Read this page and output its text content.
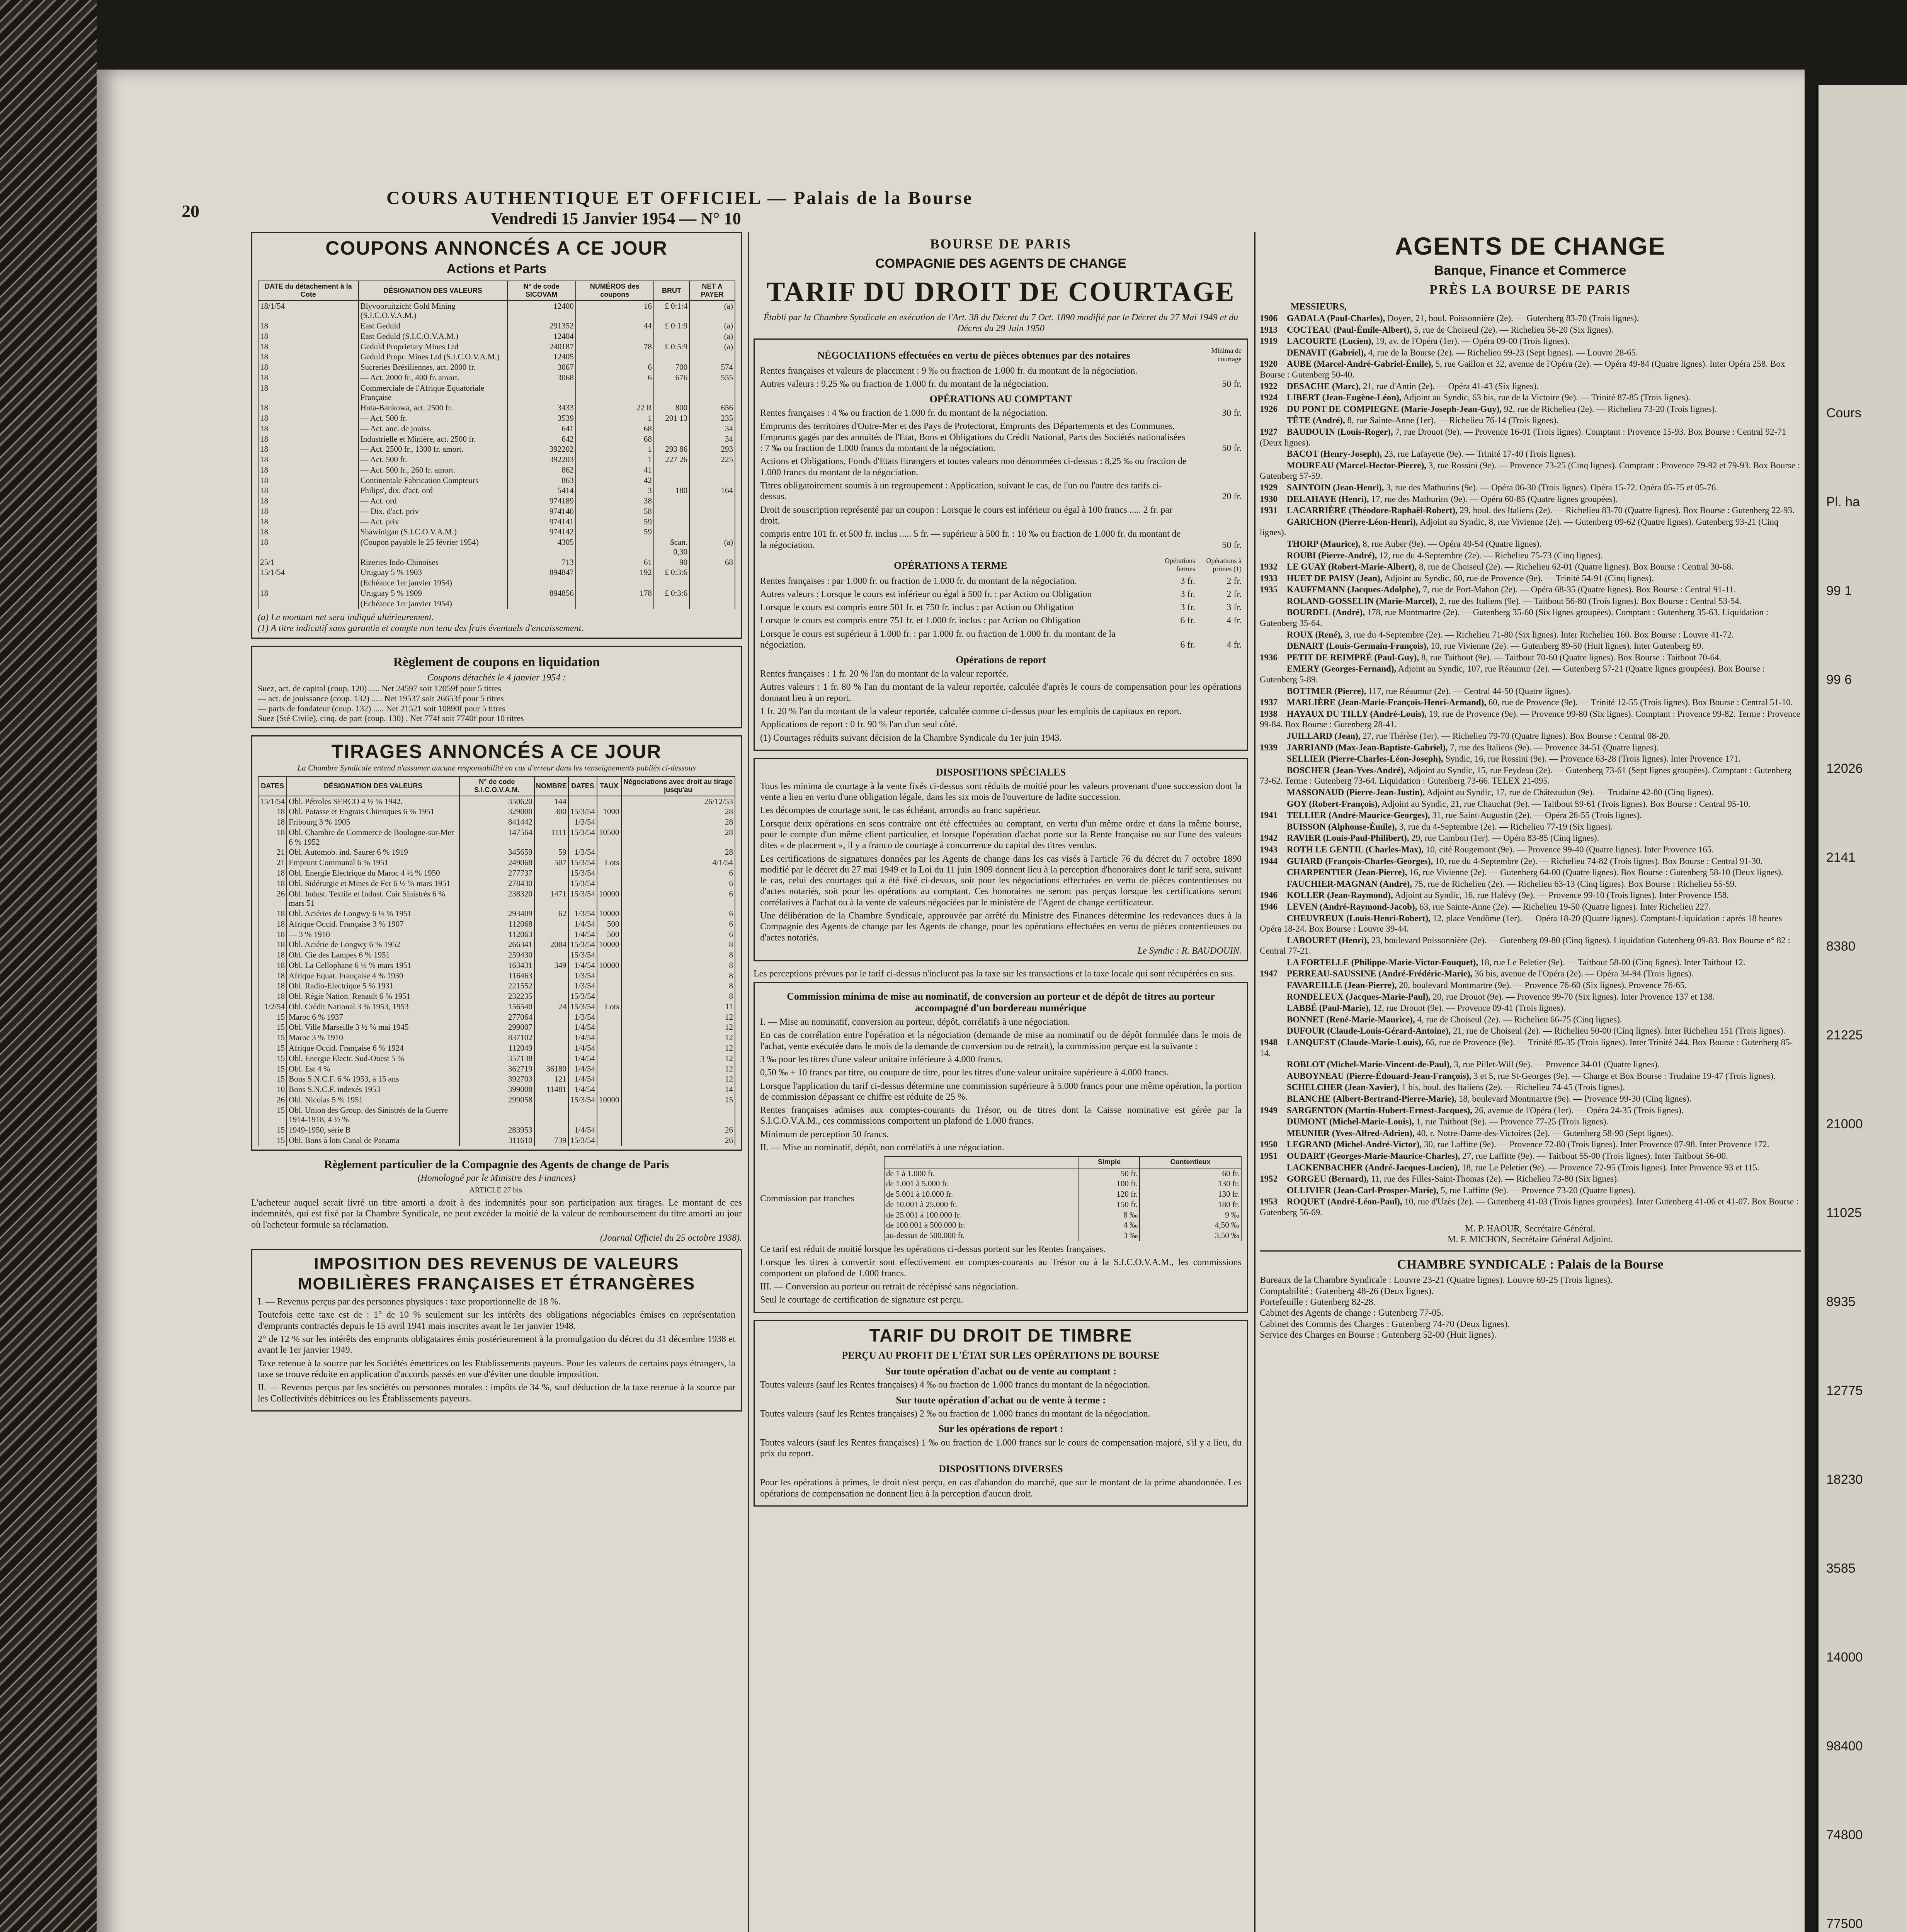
Cours
Pl. ha
99 1
99 6
12026
2141
8380
21225
21000
11025
8935
12775
18230
3585
14000
98400
74800
77500
20
COURS AUTHENTIQUE ET OFFICIEL — Palais de la Bourse
Vendredi 15 Janvier 1954 — N° 10
COUPONS ANNONCÉS A CE JOUR
Actions et Parts
DATE du détachement à la Cote	DÉSIGNATION DES VALEURS	N° de code SICOVAM	NUMÉROS des coupons	BRUT	NET A PAYER
18/1/54	Blyvooruitzicht Gold Mining (S.I.C.O.V.A.M.)	12400	16	£ 0:1:4	(a)
18	East Geduld	291352	44	£ 0:1:9	(a)
18	East Geduld (S.I.C.O.V.A.M.)	12404			(a)
18	Geduld Proprietary Mines Ltd	240187	78	£ 0:5:9	(a)
18	Geduld Propr. Mines Ltd (S.I.C.O.V.A.M.)	12405			
18	Sucreries Brésiliennes, act. 2000 fr.	3067	6	700	574
18	— Act. 2000 fr., 400 fr. amort.	3068	6	676	555
18	Commerciale de l'Afrique Equatoriale Française				
18	Huta-Bankowa, act. 2500 fr.	3433	22 R	800	656
18	— Act. 500 fr.	3539	1	201 13	235
18	— Act. anc. de jouiss.	641	68		34
18	Industrielle et Minière, act. 2500 fr.	642	68		34
18	— Act. 2500 fr., 1300 fr. amort.	392202	1	293 86	293
18	— Act. 500 fr.	392203	1	227 26	225
18	— Act. 500 fr., 260 fr. amort.	862	41		
18	Continentale Fabrication Compteurs	863	42		
18	Philips', dix. d'act. ord	5414	3	180	164
18	— Act. ord	974189	38		
18	— Dix. d'act. priv	974140	58		
18	— Act. priv	974141	59		
18	Shawinigan (S.I.C.O.V.A.M.)	974142	59		
18	(Coupon payable le 25 février 1954)	4305		$can. 0,30	(a)
25/1	Rizeries Indo-Chinoises	713	61	90	68
15/1/54	Uruguay 5 % 1903	894847	192	£ 0:3:6	
	(Echéance 1er janvier 1954)				
18	Uruguay 5 % 1909	894856	178	£ 0:3:6	
	(Echéance 1er janvier 1954)				
(a) Le montant net sera indiqué ultérieurement.
(1) A titre indicatif sans garantie et compte non tenu des frais éventuels d'encaissement.
Règlement de coupons en liquidation
Coupons détachés le 4 janvier 1954 :
Suez, act. de capital (coup. 120) ..... Net 24597 soit 12059f pour 5 titres
— act. de jouissance (coup. 132) ..... Net 19537 soit 26653f pour 5 titres
— parts de fondateur (coup. 132) ..... Net 21521 soit 10890f pour 5 titres
Suez (Sté Civile), cinq. de part (coup. 130) . Net 774f soit 7740f pour 10 titres
TIRAGES ANNONCÉS A CE JOUR
La Chambre Syndicale entend n'assumer aucune responsabilité en cas d'erreur dans les renseignements publiés ci-dessous
DATES	DÉSIGNATION DES VALEURS	N° de code S.I.C.O.V.A.M.	NOMBRE	DATES	TAUX	Négociations avec droit au tirage jusqu'au
15/1/54	Obl. Pétroles SERCO 4 ½ % 1942.	350620	144			26/12/53
18	Obl. Potasse et Engrais Chimiques 6 % 1951	329000	300	15/3/54	1000	28
18	Fribourg 3 % 1905	841442		1/3/54		28
18	Obl. Chambre de Commerce de Boulogne-sur-Mer 6 % 1952	147564	1111	15/3/54	10500	28
21	Obl. Automob. ind. Saurer 6 % 1919	345659	59	1/3/54		28
21	Emprunt Communal 6 % 1951	249068	507	15/3/54	Lots	4/1/54
18	Obl. Energie Electrique du Maroc 4 ½ % 1950	277737		15/3/54		6
18	Obl. Sidérurgie et Mines de Fer 6 ½ % mars 1951	278430		15/3/54		6
26	Obl. Indust. Textile et Indust. Cuir Sinistrés 6 % mars 51	238320	1471	15/3/54	10000	6
18	Obl. Aciéries de Longwy 6 ½ % 1951	293409	62	1/3/54	10000	6
18	Afrique Occid. Française 3 % 1907	112068		1/4/54	500	6
18	— 3 % 1910	112063		1/4/54	500	6
18	Obl. Aciérie de Longwy 6 % 1952	266341	2084	15/3/54	10000	8
18	Obl. Cie des Lampes 6 % 1951	259430		15/3/54		8
18	Obl. La Cellophane 6 ½ % mars 1951	163431	349	1/4/54	10000	8
18	Afrique Equat. Française 4 % 1930	116463		1/3/54		8
18	Obl. Radio-Electrique 5 % 1931	221552		1/3/54		8
18	Obl. Régie Nation. Renault 6 % 1951	232235		15/3/54		8
1/2/54	Obl. Crédit National 3 % 1953, 1953	156540	24	15/3/54	Lots	11
15	Maroc 6 % 1937	277064		1/3/54		12
15	Obl. Ville Marseille 3 ½ % mai 1945	299007		1/4/54		12
15	Maroc 3 % 1910	837102		1/4/54		12
15	Afrique Occid. Française 6 % 1924	112049		1/4/54		12
15	Obl. Energie Electr. Sud-Ouest 5 %	357138		1/4/54		12
15	Obl. Est 4 %	362719	36180	1/4/54		12
15	Bons S.N.C.F. 6 % 1953, à 15 ans	392703	121	1/4/54		12
10	Bons S.N.C.F. indexés 1953	399008	11481	1/4/54		14
26	Obl. Nicolas 5 % 1951	299058		15/3/54	10000	15
15	Obl. Union des Group. des Sinistrés de la Guerre 1914-1918, 4 ½ %					
15	1949-1950, série B	283953		1/4/54		26
15	Obl. Bons à lots Canal de Panama	311610	739	15/3/54		26
Règlement particulier de la Compagnie des Agents de change de Paris
(Homologué par le Ministre des Finances)
ARTICLE 27 bis.

L'acheteur auquel serait livré un titre amorti a droit à des indemnités pour son participation aux tirages. Le montant de ces indemnités, qui est fixé par la Chambre Syndicale, ne peut excéder la moitié de la valeur de remboursement du titre amorti au jour où l'acheteur formule sa réclamation.

(Journal Officiel du 25 octobre 1938).
IMPOSITION DES REVENUS DE VALEURS MOBILIÈRES FRANÇAISES ET ÉTRANGÈRES

I. — Revenus perçus par des personnes physiques : taxe proportionnelle de 18 %.

Toutefois cette taxe est de : 1° de 10 % seulement sur les intérêts des obligations négociables émises en représentation d'emprunts contractés depuis le 15 avril 1941 mais inscrites avant le 1er janvier 1948.

2° de 12 % sur les intérêts des emprunts obligataires émis postérieurement à la promulgation du décret du 31 décembre 1938 et avant le 1er janvier 1949.

Taxe retenue à la source par les Sociétés émettrices ou les Etablissements payeurs. Pour les valeurs de certains pays étrangers, la taxe se trouve réduite en application d'accords passés en vue d'éviter une double imposition.

II. — Revenus perçus par les sociétés ou personnes morales : impôts de 34 %, sauf déduction de la taxe retenue à la source par les Collectivités débitrices ou les Établissements payeurs.

BOURSE DE PARIS
COMPAGNIE DES AGENTS DE CHANGE
TARIF DU DROIT DE COURTAGE
Établi par la Chambre Syndicale en exécution de l'Art. 38 du Décret du 7 Oct. 1890 modifié par le Décret du 27 Mai 1949 et du Décret du 29 Juin 1950
NÉGOCIATIONS effectuées en vertu de pièces obtenues par des notaires	Minima de courtage
Rentes françaises et valeurs de placement : 9 ‰ ou fraction de 1.000 fr. du montant de la négociation.
Autres valeurs : 9,25 ‰ ou fraction de 1.000 fr. du montant de la négociation.	50 fr.
OPÉRATIONS AU COMPTANT
Rentes françaises : 4 ‰ ou fraction de 1.000 fr. du montant de la négociation.	30 fr.
Emprunts des territoires d'Outre-Mer et des Pays de Protectorat, Emprunts des Départements et des Communes, Emprunts gagés par des annuités de l'Etat, Bons et Obligations du Crédit National, Parts des Sociétés nationalisées : 7 ‰ ou fraction de 1.000 francs du montant de la négociation.	50 fr.
Actions et Obligations, Fonds d'Etats Etrangers et toutes valeurs non dénommées ci-dessus : 8,25 ‰ ou fraction de 1.000 francs du montant de la négociation.
Titres obligatoirement soumis à un regroupement : Application, suivant le cas, de l'un ou l'autre des tarifs ci-dessus.	20 fr.
Droit de souscription représenté par un coupon : Lorsque le cours est inférieur ou égal à 100 francs ..... 2 fr. par droit.
compris entre 101 fr. et 500 fr. inclus ..... 5 fr. — supérieur à 500 fr. : 10 ‰ ou fraction de 1.000 fr. du montant de la négociation.	50 fr.
OPÉRATIONS A TERME	Opérations fermes
Opérations à primes (1)
Rentes françaises : par 1.000 fr. ou fraction de 1.000 fr. du montant de la négociation.	3 fr.	2 fr.
Autres valeurs : Lorsque le cours est inférieur ou égal à 500 fr. : par Action ou Obligation	3 fr.	2 fr.
Lorsque le cours est compris entre 501 fr. et 750 fr. inclus : par Action ou Obligation	3 fr.	3 fr.
Lorsque le cours est compris entre 751 fr. et 1.000 fr. inclus : par Action ou Obligation	6 fr.	4 fr.
Lorsque le cours est supérieur à 1.000 fr. : par 1.000 fr. ou fraction de 1.000 fr. du montant de la négociation.	6 fr.	4 fr.
Opérations de report

Rentes françaises : 1 fr. 20 % l'an du montant de la valeur reportée.

Autres valeurs : 1 fr. 80 % l'an du montant de la valeur reportée, calculée d'après le cours de compensation pour les opérations donnant lieu à un report.

1 fr. 20 % l'an du montant de la valeur reportée, calculée comme ci-dessus pour les emplois de capitaux en report.

Applications de report : 0 fr. 90 % l'an d'un seul côté.

(1) Courtages réduits suivant décision de la Chambre Syndicale du 1er juin 1943.

DISPOSITIONS SPÉCIALES

Tous les minima de courtage à la vente fixés ci-dessus sont réduits de moitié pour les valeurs provenant d'une succession dont la vente a lieu en vertu d'une obligation légale, dans les six mois de l'ouverture de ladite succession.

Les décomptes de courtage sont, le cas échéant, arrondis au franc supérieur.

Lorsque deux opérations en sens contraire ont été effectuées au comptant, en vertu d'un même ordre et dans la même bourse, pour le compte d'un même client particulier, et lorsque l'opération d'achat porte sur la Rente française ou sur l'une des valeurs dites « de placement », il y a franco de courtage à concurrence du capital des titres vendus.

Les certifications de signatures données par les Agents de change dans les cas visés à l'article 76 du décret du 7 octobre 1890 modifié par le décret du 27 mai 1949 et la Loi du 11 juin 1909 donnent lieu à la perception d'honoraires dont le tarif sera, suivant le cas, celui des courtages qui a été fixé ci-dessus, soit pour les négociations effectuées en vertu de pièces contentieuses ou d'actes notariés, soit pour les opérations au comptant. Ces honoraires ne seront pas perçus lorsque les certifications seront corrélatives à l'achat ou à la vente de valeurs négociées par le ministère de l'Agent de change certificateur.

Une délibération de la Chambre Syndicale, approuvée par arrêté du Ministre des Finances détermine les redevances dues à la Compagnie des Agents de change par les Agents de change, pour les opérations effectuées en vertu de pièces contentieuses ou d'actes notariés.

Le Syndic : R. BAUDOUIN.

Les perceptions prévues par le tarif ci-dessus n'incluent pas la taxe sur les transactions et la taxe locale qui sont récupérées en sus.

Commission minima de mise au nominatif, de conversion au porteur et de dépôt de titres au porteur accompagné d'un bordereau numérique

I. — Mise au nominatif, conversion au porteur, dépôt, corrélatifs à une négociation.

En cas de corrélation entre l'opération et la négociation (demande de mise au nominatif ou de dépôt formulée dans le mois de l'achat, vente exécutée dans le mois de la demande de conversion ou de retrait), la commission perçue est la suivante :

3 ‰ pour les titres d'une valeur unitaire inférieure à 4.000 francs.

0,50 ‰ + 10 francs par titre, ou coupure de titre, pour les titres d'une valeur unitaire supérieure à 4.000 francs.

Lorsque l'application du tarif ci-dessus détermine une commission supérieure à 5.000 francs pour une même opération, la portion de commission dépassant ce chiffre est réduite de 25 %.

Rentes françaises admises aux comptes-courants du Trésor, ou de titres dont la Caisse nominative est gérée par la S.I.C.O.V.A.M., ces commissions comportent un plafond de 1.000 francs.

Minimum de perception 50 francs.

II. — Mise au nominatif, dépôt, non corrélatifs à une négociation.

Commission par tranches
	Simple	Contentieux
de 1 à 1.000 fr.	50 fr.	60 fr.
de 1.001 à 5.000 fr.	100 fr.	130 fr.
de 5.001 à 10.000 fr.	120 fr.	130 fr.
de 10.001 à 25.000 fr.	150 fr.	180 fr.
de 25.001 à 100.000 fr.	8 ‰	9 ‰
de 100.001 à 500.000 fr.	4 ‰	4,50 ‰
au-dessus de 500.000 fr.	3 ‰	3,50 ‰

Ce tarif est réduit de moitié lorsque les opérations ci-dessus portent sur les Rentes françaises.

Lorsque les titres à convertir sont effectivement en comptes-courants au Trésor ou à la S.I.C.O.V.A.M., les commissions comportent un plafond de 1.000 francs.

III. — Conversion au porteur ou retrait de récépissé sans négociation.

Seul le courtage de certification de signature est perçu.

TARIF DU DROIT DE TIMBRE
PERÇU AU PROFIT DE L'ÉTAT SUR LES OPÉRATIONS DE BOURSE
Sur toute opération d'achat ou de vente au comptant :

Toutes valeurs (sauf les Rentes françaises) 4 ‰ ou fraction de 1.000 francs du montant de la négociation.

Sur toute opération d'achat ou de vente à terme :

Toutes valeurs (sauf les Rentes françaises) 2 ‰ ou fraction de 1.000 francs du montant de la négociation.

Sur les opérations de report :

Toutes valeurs (sauf les Rentes françaises) 1 ‰ ou fraction de 1.000 francs sur le cours de compensation majoré, s'il y a lieu, du prix du report.

DISPOSITIONS DIVERSES

Pour les opérations à primes, le droit n'est perçu, en cas d'abandon du marché, que sur le montant de la prime abandonnée. Les opérations de compensation ne donnent lieu à la perception d'aucun droit.

AGENTS DE CHANGE
Banque, Finance et Commerce
PRÈS LA BOURSE DE PARIS
MESSIEURS,
1906 GADALA (Paul-Charles), Doyen, 21, boul. Poissonnière (2e). — Gutenberg 83-70 (Trois lignes).
1913 COCTEAU (Paul-Émile-Albert), 5, rue de Choiseul (2e). — Richelieu 56-20 (Six lignes).
1919 LACOURTE (Lucien), 19, av. de l'Opéra (1er). — Opéra 09-00 (Trois lignes).
DENAVIT (Gabriel), 4, rue de la Bourse (2e). — Richelieu 99-23 (Sept lignes). — Louvre 28-65.
1920 AUBE (Marcel-André-Gabriel-Émile), 5, rue Gaillon et 32, avenue de l'Opéra (2e). — Opéra 49-84 (Quatre lignes). Inter Opéra 258. Box Bourse : Gutenberg 50-40.
1922 DESACHE (Marc), 21, rue d'Antin (2e). — Opéra 41-43 (Six lignes).
1924 LIBERT (Jean-Eugène-Léon), Adjoint au Syndic, 63 bis, rue de la Victoire (9e). — Trinité 87-85 (Trois lignes).
1926 DU PONT DE COMPIEGNE (Marie-Joseph-Jean-Guy), 92, rue de Richelieu (2e). — Richelieu 73-20 (Trois lignes).
TÊTE (André), 8, rue Sainte-Anne (1er). — Richelieu 76-14 (Trois lignes).
1927 BAUDOUIN (Louis-Roger), 7, rue Drouot (9e). — Provence 16-01 (Trois lignes). Comptant : Provence 15-93. Box Bourse : Central 92-71 (Deux lignes).
BACOT (Henry-Joseph), 23, rue Lafayette (9e). — Trinité 17-40 (Trois lignes).
MOUREAU (Marcel-Hector-Pierre), 3, rue Rossini (9e). — Provence 73-25 (Cinq lignes). Comptant : Provence 79-92 et 79-93. Box Bourse : Gutenberg 57-59.
1929 SAINTOIN (Jean-Henri), 3, rue des Mathurins (9e). — Opéra 06-30 (Trois lignes). Opéra 15-72. Opéra 05-75 et 05-76.
1930 DELAHAYE (Henri), 17, rue des Mathurins (9e). — Opéra 60-85 (Quatre lignes groupées).
1931 LACARRIÈRE (Théodore-Raphaël-Robert), 29, boul. des Italiens (2e). — Richelieu 83-70 (Quatre lignes). Box Bourse : Gutenberg 22-93.
GARICHON (Pierre-Léon-Henri), Adjoint au Syndic, 8, rue Vivienne (2e). — Gutenberg 09-62 (Quatre lignes). Gutenberg 93-21 (Cinq lignes).
THORP (Maurice), 8, rue Auber (9e). — Opéra 49-54 (Quatre lignes).
ROUBI (Pierre-André), 12, rue du 4-Septembre (2e). — Richelieu 75-73 (Cinq lignes).
1932 LE GUAY (Robert-Marie-Albert), 8, rue de Choiseul (2e). — Richelieu 62-01 (Quatre lignes). Box Bourse : Central 30-68.
1933 HUET DE PAISY (Jean), Adjoint au Syndic, 60, rue de Provence (9e). — Trinité 54-91 (Cinq lignes).
1935 KAUFFMANN (Jacques-Adolphe), 7, rue de Port-Mahon (2e). — Opéra 68-35 (Quatre lignes). Box Bourse : Central 91-11.
ROLAND-GOSSELIN (Marie-Marcel), 2, rue des Italiens (9e). — Taitbout 56-80 (Trois lignes). Box Bourse : Central 53-54.
BOURDEL (André), 178, rue Montmartre (2e). — Gutenberg 35-60 (Six lignes groupées). Comptant : Gutenberg 35-63. Liquidation : Gutenberg 35-64.
ROUX (René), 3, rue du 4-Septembre (2e). — Richelieu 71-80 (Six lignes). Inter Richelieu 160. Box Bourse : Louvre 41-72.
DENART (Louis-Germain-François), 10, rue Vivienne (2e). — Gutenberg 89-50 (Huit lignes). Inter Gutenberg 69.
1936 PETIT DE REIMPRÉ (Paul-Guy), 8, rue Taitbout (9e). — Taitbout 70-60 (Quatre lignes). Box Bourse : Taitbout 70-64.
EMERY (Georges-Fernand), Adjoint au Syndic, 107, rue Réaumur (2e). — Gutenberg 57-21 (Quatre lignes groupées). Box Bourse : Gutenberg 5-89.
BOTTMER (Pierre), 117, rue Réaumur (2e). — Central 44-50 (Quatre lignes).
1937 MARLIÈRE (Jean-Marie-François-Henri-Armand), 60, rue de Provence (9e). — Trinité 12-55 (Trois lignes). Box Bourse : Central 51-10.
1938 HAYAUX DU TILLY (André-Louis), 19, rue de Provence (9e). — Provence 99-80 (Six lignes). Comptant : Provence 99-82. Terme : Provence 99-84. Box Bourse : Gutenberg 28-41.
JUILLARD (Jean), 27, rue Thérèse (1er). — Richelieu 79-70 (Quatre lignes). Box Bourse : Central 08-20.
1939 JARRIAND (Max-Jean-Baptiste-Gabriel), 7, rue des Italiens (9e). — Provence 34-51 (Quatre lignes).
SELLIER (Pierre-Charles-Léon-Joseph), Syndic, 16, rue Rossini (9e). — Provence 63-28 (Trois lignes). Inter Provence 171.
BOSCHER (Jean-Yves-André), Adjoint au Syndic, 15, rue Feydeau (2e). — Gutenberg 73-61 (Sept lignes groupées). Comptant : Gutenberg 73-62. Terme : Gutenberg 73-64. Liquidation : Gutenberg 73-66. TELEX 21-095.
MASSONAUD (Pierre-Jean-Justin), Adjoint au Syndic, 17, rue de Châteaudun (9e). — Trudaine 42-80 (Cinq lignes).
GOY (Robert-François), Adjoint au Syndic, 21, rue Chauchat (9e). — Taitbout 59-61 (Trois lignes). Box Bourse : Central 95-10.
1941 TELLIER (André-Maurice-Georges), 31, rue Saint-Augustin (2e). — Opéra 26-55 (Trois lignes).
BUISSON (Alphonse-Émile), 3, rue du 4-Septembre (2e). — Richelieu 77-19 (Six lignes).
1942 RAVIER (Louis-Paul-Philibert), 29, rue Cambon (1er). — Opéra 83-85 (Cinq lignes).
1943 ROTH LE GENTIL (Charles-Max), 10, cité Rougemont (9e). — Provence 99-40 (Quatre lignes). Inter Provence 165.
1944 GUIARD (François-Charles-Georges), 10, rue du 4-Septembre (2e). — Richelieu 74-82 (Trois lignes). Box Bourse : Central 91-30.
CHARPENTIER (Jean-Pierre), 16, rue Vivienne (2e). — Gutenberg 64-00 (Quatre lignes). Box Bourse : Gutenberg 58-10 (Deux lignes).
FAUCHIER-MAGNAN (André), 75, rue de Richelieu (2e). — Richelieu 63-13 (Cinq lignes). Box Bourse : Richelieu 55-59.
1946 KOLLER (Jean-Raymond), Adjoint au Syndic, 16, rue Halévy (9e). — Provence 99-10 (Trois lignes). Inter Provence 158.
1946 LEVEN (André-Raymond-Jacob), 63, rue Sainte-Anne (2e). — Richelieu 19-50 (Quatre lignes). Inter Richelieu 227.
CHEUVREUX (Louis-Henri-Robert), 12, place Vendôme (1er). — Opéra 18-20 (Quatre lignes). Comptant-Liquidation : après 18 heures Opéra 18-24. Box Bourse : Louvre 39-44.
LABOURET (Henri), 23, boulevard Poissonnière (2e). — Gutenberg 09-80 (Cinq lignes). Liquidation Gutenberg 09-83. Box Bourse n° 82 : Central 77-21.
LA FORTELLE (Philippe-Marie-Victor-Fouquet), 18, rue Le Peletier (9e). — Taitbout 58-00 (Cinq lignes). Inter Taitbout 12.
1947 PERREAU-SAUSSINE (André-Frédéric-Marie), 36 bis, avenue de l'Opéra (2e). — Opéra 34-94 (Trois lignes).
FAVAREILLE (Jean-Pierre), 20, boulevard Montmartre (9e). — Provence 76-60 (Six lignes). Provence 76-65.
RONDELEUX (Jacques-Marie-Paul), 20, rue Drouot (9e). — Provence 99-70 (Six lignes). Inter Provence 137 et 138.
LABBÉ (Paul-Marie), 12, rue Drouot (9e). — Provence 09-41 (Trois lignes).
BONNET (René-Marie-Maurice), 4, rue de Choiseul (2e). — Richelieu 66-75 (Cinq lignes).
DUFOUR (Claude-Louis-Gérard-Antoine), 21, rue de Choiseul (2e). — Richelieu 50-00 (Cinq lignes). Inter Richelieu 151 (Trois lignes).
1948 LANQUEST (Claude-Marie-Louis), 66, rue de Provence (9e). — Trinité 85-35 (Trois lignes). Inter Trinité 244. Box Bourse : Gutenberg 85-14.
ROBLOT (Michel-Marie-Vincent-de-Paul), 3, rue Pillet-Will (9e). — Provence 34-01 (Quatre lignes).
AUBOYNEAU (Pierre-Édouard-Jean-François), 3 et 5, rue St-Georges (9e). — Charge et Box Bourse : Trudaine 19-47 (Trois lignes).
SCHELCHER (Jean-Xavier), 1 bis, boul. des Italiens (2e). — Richelieu 74-45 (Trois lignes).
BLANCHE (Albert-Bertrand-Pierre-Marie), 18, boulevard Montmartre (9e). — Provence 99-30 (Cinq lignes).
1949 SARGENTON (Martin-Hubert-Ernest-Jacques), 26, avenue de l'Opéra (1er). — Opéra 24-35 (Trois lignes).
DUMONT (Michel-Marie-Louis), 1, rue Taitbout (9e). — Provence 77-25 (Trois lignes).
MEUNIER (Yves-Alfred-Adrien), 40, r. Notre-Dame-des-Victoires (2e). — Gutenberg 58-90 (Sept lignes).
1950 LEGRAND (Michel-André-Victor), 30, rue Laffitte (9e). — Provence 72-80 (Trois lignes). Inter Provence 07-98. Inter Provence 172.
1951 OUDART (Georges-Marie-Maurice-Charles), 27, rue Laffitte (9e). — Taitbout 55-00 (Trois lignes). Inter Taitbout 56-00.
LACKENBACHER (André-Jacques-Lucien), 18, rue Le Peletier (9e). — Provence 72-95 (Trois lignes). Inter Provence 93 et 115.
1952 GORGEU (Bernard), 11, rue des Filles-Saint-Thomas (2e). — Richelieu 73-80 (Six lignes).
OLLIVIER (Jean-Carl-Prosper-Marie), 5, rue Laffitte (9e). — Provence 73-20 (Quatre lignes).
1953 ROQUET (André-Léon-Paul), 10, rue d'Uzès (2e). — Gutenberg 41-03 (Trois lignes groupées). Inter Gutenberg 41-06 et 41-07. Box Bourse : Gutenberg 56-69.
M. P. HAOUR, Secrétaire Général.
M. F. MICHON, Secrétaire Général Adjoint.
CHAMBRE SYNDICALE : Palais de la Bourse
Bureaux de la Chambre Syndicale : Louvre 23-21 (Quatre lignes). Louvre 69-25 (Trois lignes).
Comptabilité : Gutenberg 48-26 (Deux lignes).
Portefeuille : Gutenberg 82-28.
Cabinet des Agents de change : Gutenberg 77-05.
Cabinet des Commis des Charges : Gutenberg 74-70 (Deux lignes).
Service des Charges en Bourse : Gutenberg 52-00 (Huit lignes).
